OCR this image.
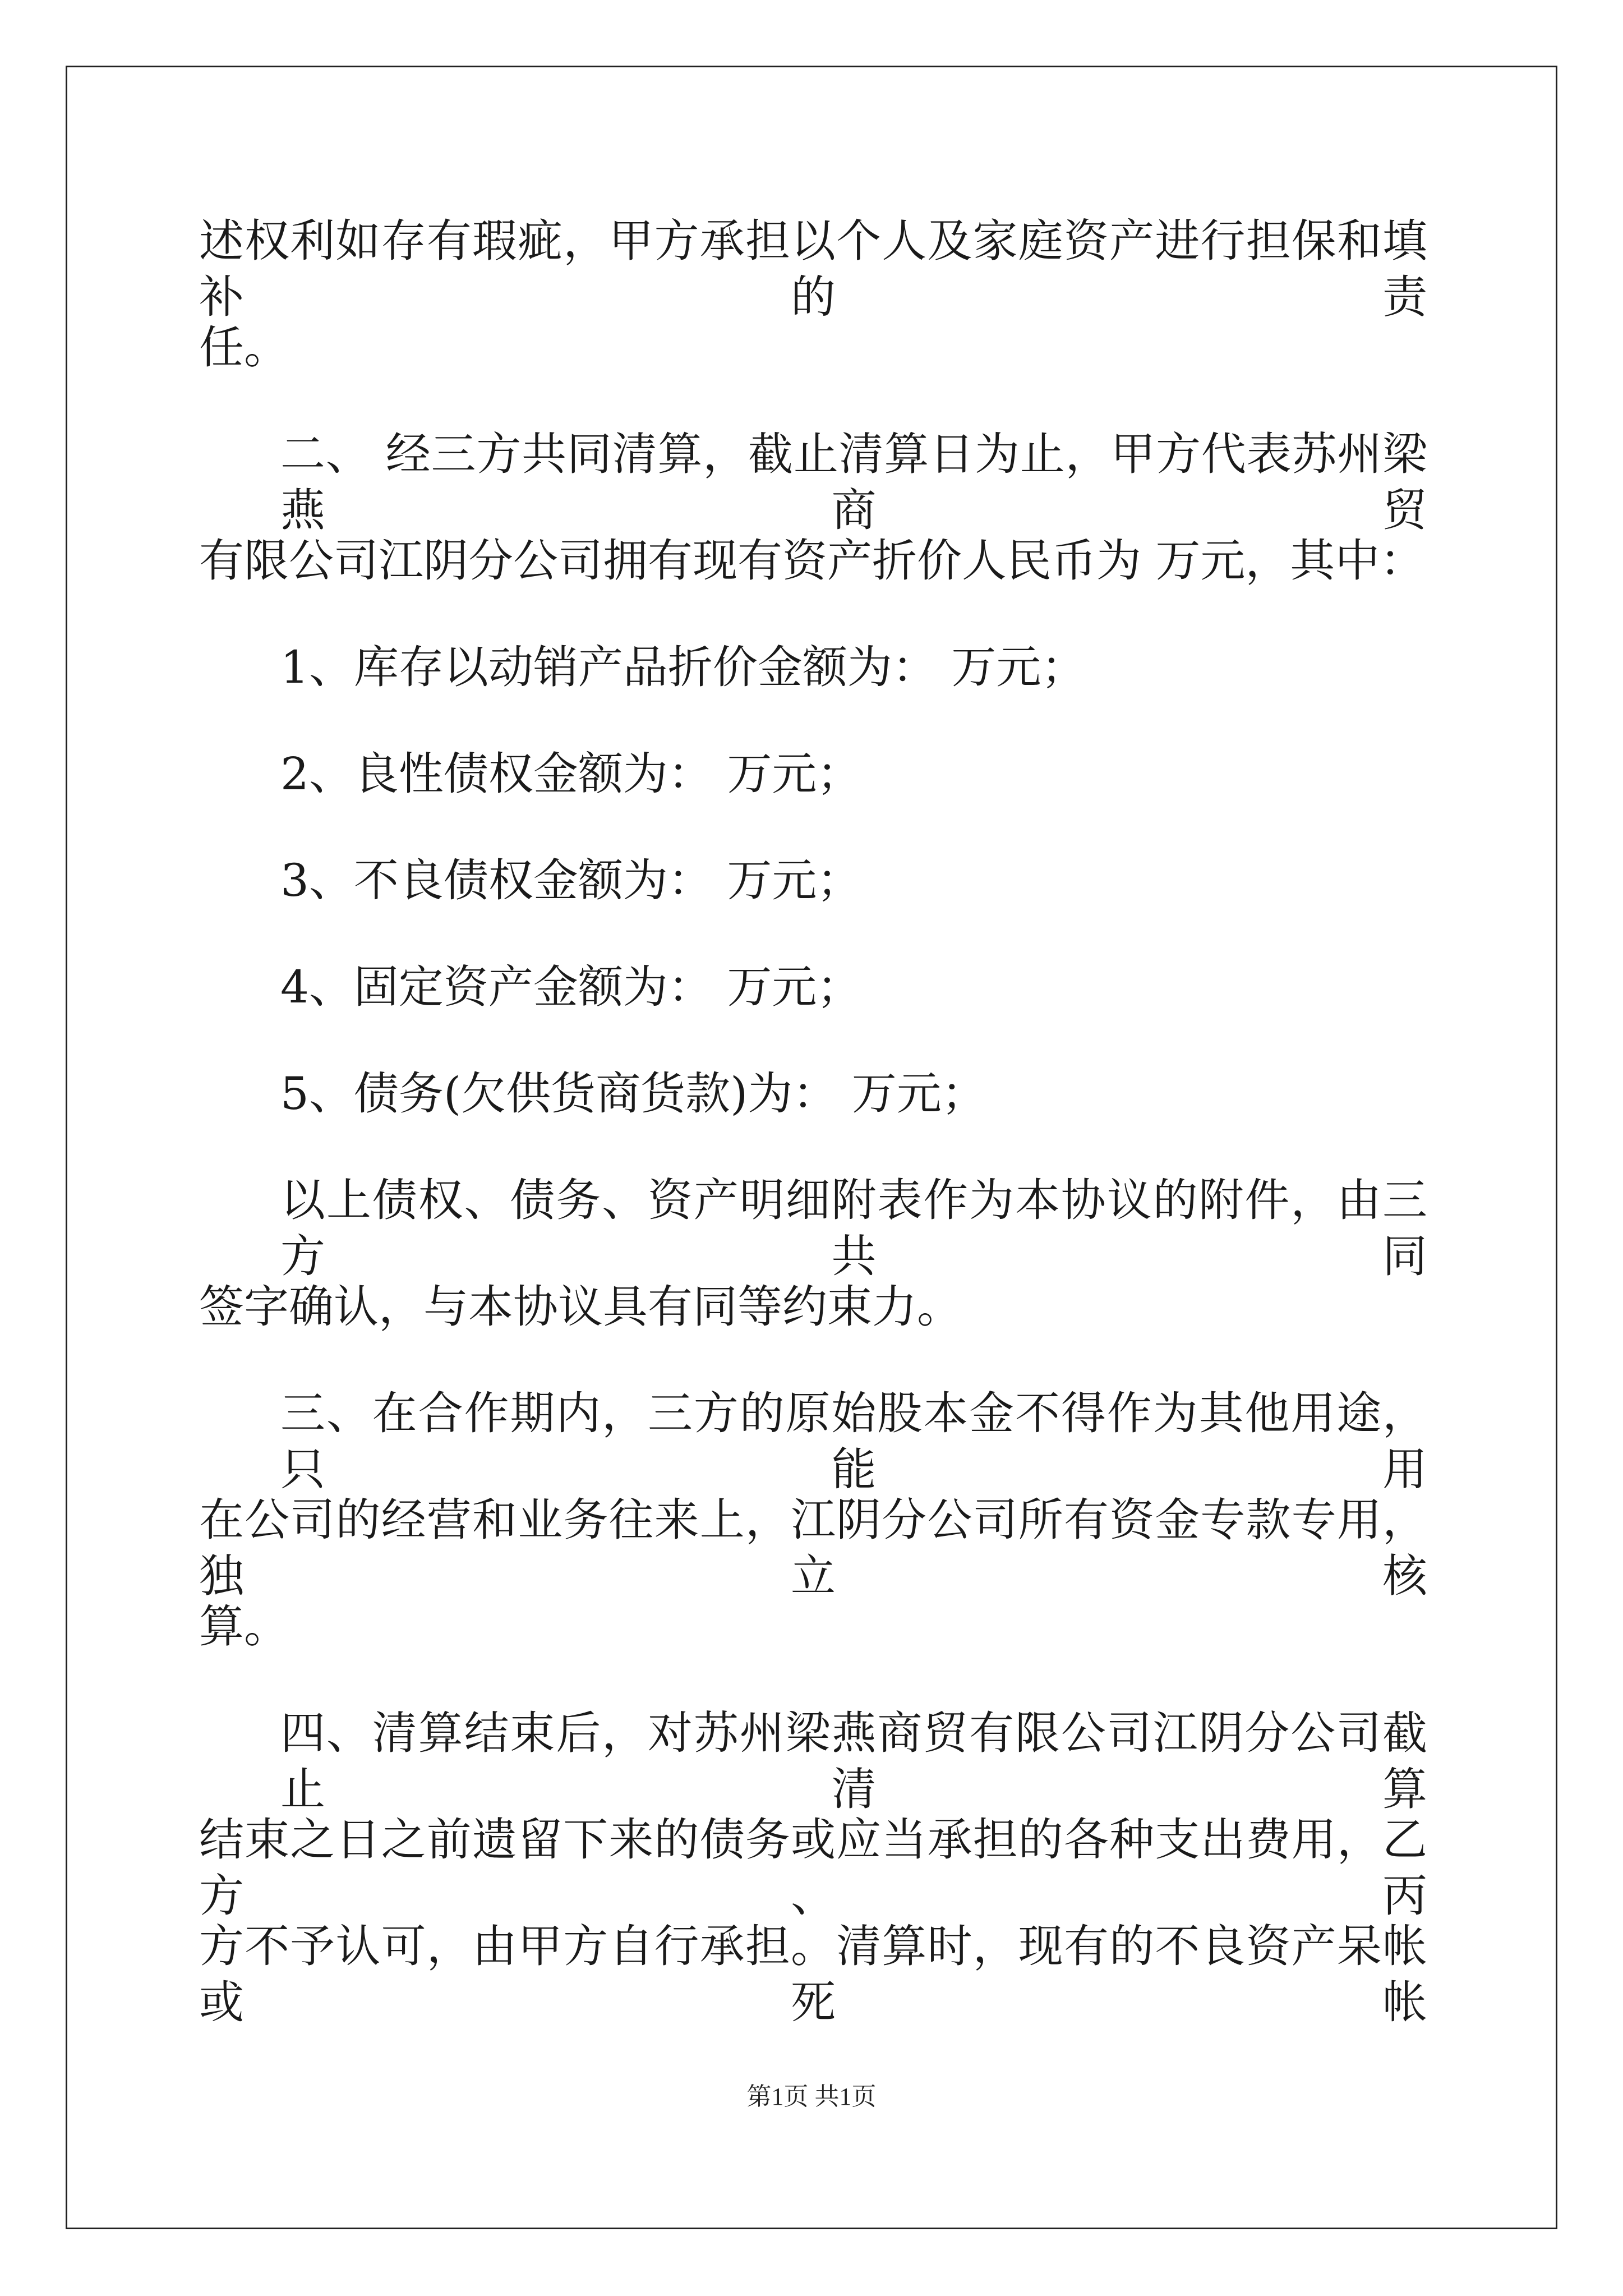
述权利如存有瑕疵，甲方承担以个人及家庭资产进行担保和填补的责
任。
二、 经三方共同清算，截止清算日为止，甲方代表苏州梁燕商贸
有限公司江阴分公司拥有现有资产折价人民币为 万元，其中：
1、库存以动销产品折价金额为： 万元；
2、良性债权金额为： 万元；
3、不良债权金额为： 万元；
4、固定资产金额为： 万元；
5、债务(欠供货商货款)为： 万元；
以上债权、债务、资产明细附表作为本协议的附件，由三方共同
签字确认，与本协议具有同等约束力。
三、在合作期内，三方的原始股本金不得作为其他用途，只能用
在公司的经营和业务往来上，江阴分公司所有资金专款专用，独立核
算。
四、清算结束后，对苏州梁燕商贸有限公司江阴分公司截止清算
结束之日之前遗留下来的债务或应当承担的各种支出费用，乙方、丙
方不予认可，由甲方自行承担。清算时，现有的不良资产呆帐或死帐
第1页 共1页
